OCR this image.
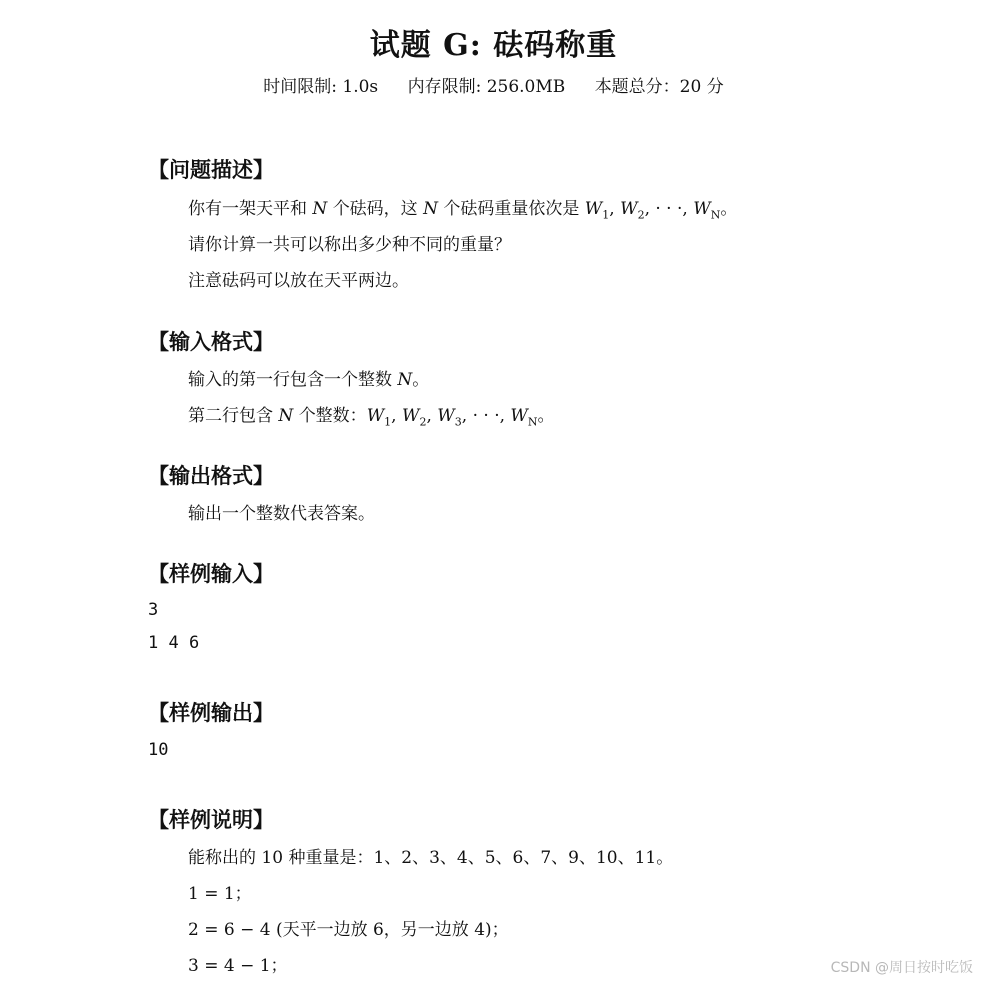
试题 G: 砝码称重
时间限制: 1.0s 内存限制: 256.0MB 本题总分：20 分
【问题描述】
你有一架天平和 N 个砝码，这 N 个砝码重量依次是 $W_1$, $W_2$, · · ·, $W_N$。
请你计算一共可以称出多少种不同的重量？
注意砝码可以放在天平两边。
【输入格式】
输入的第一行包含一个整数 N。
第二行包含 N 个整数：$W_1$, $W_2$, $W_3$, · · ·, $W_N$。
【输出格式】
输出一个整数代表答案。
【样例输入】
3
1 4 6
【样例输出】
10
【样例说明】
能称出的 10 种重量是：1、2、3、4、5、6、7、9、10、11。
1 = 1；
2 = 6 − 4 (天平一边放 6，另一边放 4)；
3 = 4 − 1；	CSDN @周日按时吃饭
